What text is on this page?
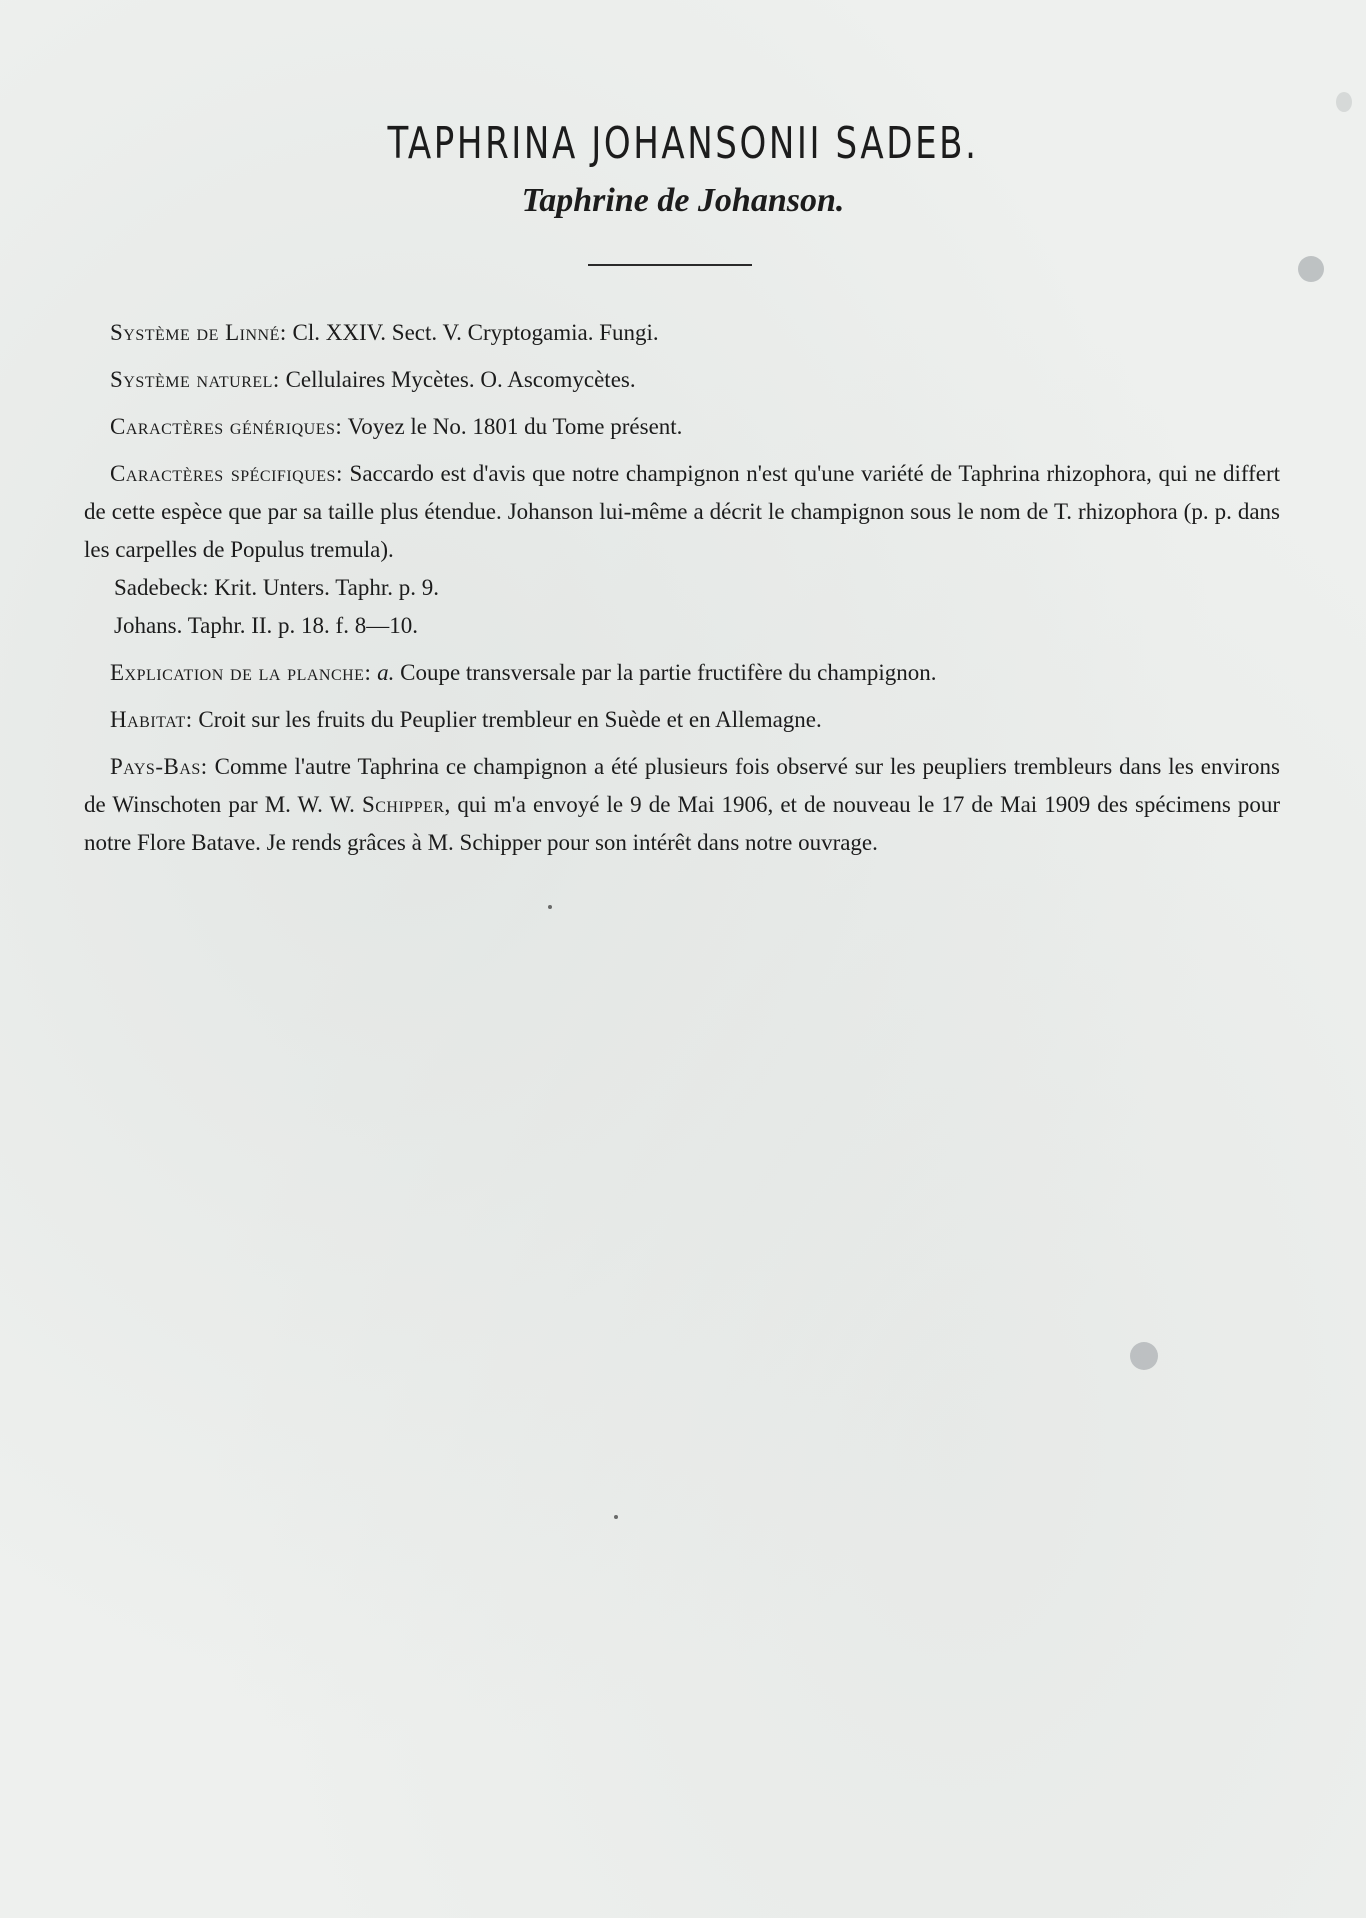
TAPHRINA JOHANSONII SADEB.
Taphrine de Johanson.

Système de Linné: Cl. XXIV. Sect. V. Cryptogamia. Fungi.

Système naturel: Cellulaires Mycètes. O. Ascomycètes.

Caractères génériques: Voyez le No. 1801 du Tome présent.

Caractères spécifiques: Saccardo est d'avis que notre champignon n'est qu'une variété de Taphrina rhizophora, qui ne differt de cette espèce que par sa taille plus étendue. Johanson lui-même a décrit le champignon sous le nom de T. rhizophora (p. p. dans les carpelles de Populus tremula).

Sadebeck: Krit. Unters. Taphr. p. 9.

Johans. Taphr. II. p. 18. f. 8—10.

Explication de la planche: a. Coupe transversale par la partie fructifère du champignon.

Habitat: Croit sur les fruits du Peuplier trembleur en Suède et en Allemagne.

Pays-Bas: Comme l'autre Taphrina ce champignon a été plusieurs fois observé sur les peupliers trembleurs dans les environs de Winschoten par M. W. W. Schipper, qui m'a envoyé le 9 de Mai 1906, et de nouveau le 17 de Mai 1909 des spécimens pour notre Flore Batave. Je rends grâces à M. Schipper pour son intérêt dans notre ouvrage.
